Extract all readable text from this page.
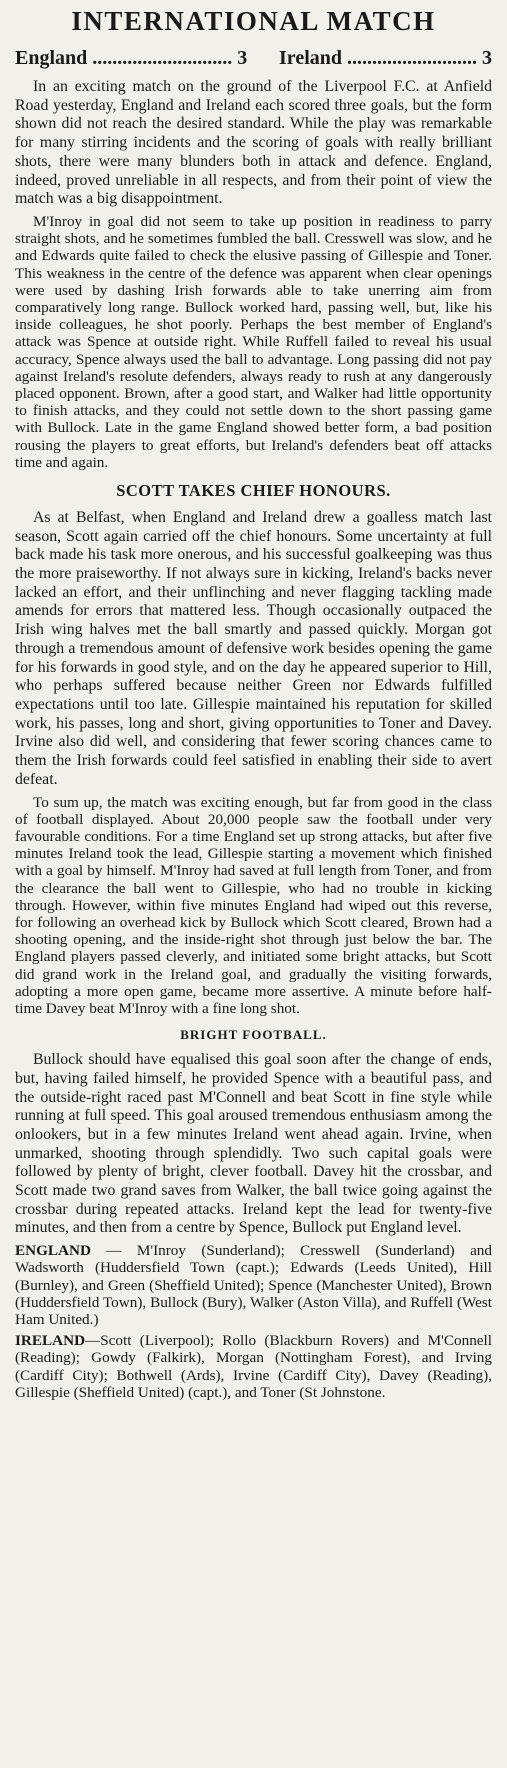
INTERNATIONAL MATCH
England ............................ 3 Ireland .......................... 3

In an exciting match on the ground of the Liverpool F.C. at Anfield Road yesterday, England and Ireland each scored three goals, but the form shown did not reach the desired standard. While the play was remarkable for many stirring incidents and the scoring of goals with really brilliant shots, there were many blunders both in attack and defence. England, indeed, proved unreliable in all respects, and from their point of view the match was a big disappointment.

M'Inroy in goal did not seem to take up position in readiness to parry straight shots, and he sometimes fumbled the ball. Cresswell was slow, and he and Edwards quite failed to check the elusive passing of Gillespie and Toner. This weakness in the centre of the defence was apparent when clear openings were used by dashing Irish forwards able to take unerring aim from comparatively long range. Bullock worked hard, passing well, but, like his inside colleagues, he shot poorly. Perhaps the best member of England's attack was Spence at outside right. While Ruffell failed to reveal his usual accuracy, Spence always used the ball to advantage. Long passing did not pay against Ireland's resolute defenders, always ready to rush at any dangerously placed opponent. Brown, after a good start, and Walker had little opportunity to finish attacks, and they could not settle down to the short passing game with Bullock. Late in the game England showed better form, a bad position rousing the players to great efforts, but Ireland's defenders beat off attacks time and again.

SCOTT TAKES CHIEF HONOURS.

As at Belfast, when England and Ireland drew a goalless match last season, Scott again carried off the chief honours. Some uncertainty at full back made his task more onerous, and his successful goalkeeping was thus the more praiseworthy. If not always sure in kicking, Ireland's backs never lacked an effort, and their unflinching and never flagging tackling made amends for errors that mattered less. Though occasionally outpaced the Irish wing halves met the ball smartly and passed quickly. Morgan got through a tremendous amount of defensive work besides opening the game for his forwards in good style, and on the day he appeared superior to Hill, who perhaps suffered because neither Green nor Edwards fulfilled expectations until too late. Gillespie maintained his reputation for skilled work, his passes, long and short, giving opportunities to Toner and Davey. Irvine also did well, and considering that fewer scoring chances came to them the Irish forwards could feel satisfied in enabling their side to avert defeat.

To sum up, the match was exciting enough, but far from good in the class of football displayed. About 20,000 people saw the football under very favourable conditions. For a time England set up strong attacks, but after five minutes Ireland took the lead, Gillespie starting a movement which finished with a goal by himself. M'Inroy had saved at full length from Toner, and from the clearance the ball went to Gillespie, who had no trouble in kicking through. However, within five minutes England had wiped out this reverse, for following an overhead kick by Bullock which Scott cleared, Brown had a shooting opening, and the inside-right shot through just below the bar. The England players passed cleverly, and initiated some bright attacks, but Scott did grand work in the Ireland goal, and gradually the visiting forwards, adopting a more open game, became more assertive. A minute before half-time Davey beat M'Inroy with a fine long shot.

BRIGHT FOOTBALL.

Bullock should have equalised this goal soon after the change of ends, but, having failed himself, he provided Spence with a beautiful pass, and the outside-right raced past M'Connell and beat Scott in fine style while running at full speed. This goal aroused tremendous enthusiasm among the onlookers, but in a few minutes Ireland went ahead again. Irvine, when unmarked, shooting through splendidly. Two such capital goals were followed by plenty of bright, clever football. Davey hit the crossbar, and Scott made two grand saves from Walker, the ball twice going against the crossbar during repeated attacks. Ireland kept the lead for twenty-five minutes, and then from a centre by Spence, Bullock put England level.

ENGLAND — M'Inroy (Sunderland); Cresswell (Sunderland) and Wadsworth (Huddersfield Town (capt.); Edwards (Leeds United), Hill (Burnley), and Green (Sheffield United); Spence (Manchester United), Brown (Huddersfield Town), Bullock (Bury), Walker (Aston Villa), and Ruffell (West Ham United.)

IRELAND—Scott (Liverpool); Rollo (Blackburn Rovers) and M'Connell (Reading); Gowdy (Falkirk), Morgan (Nottingham Forest), and Irving (Cardiff City); Bothwell (Ards), Irvine (Cardiff City), Davey (Reading), Gillespie (Sheffield United) (capt.), and Toner (St Johnstone.
